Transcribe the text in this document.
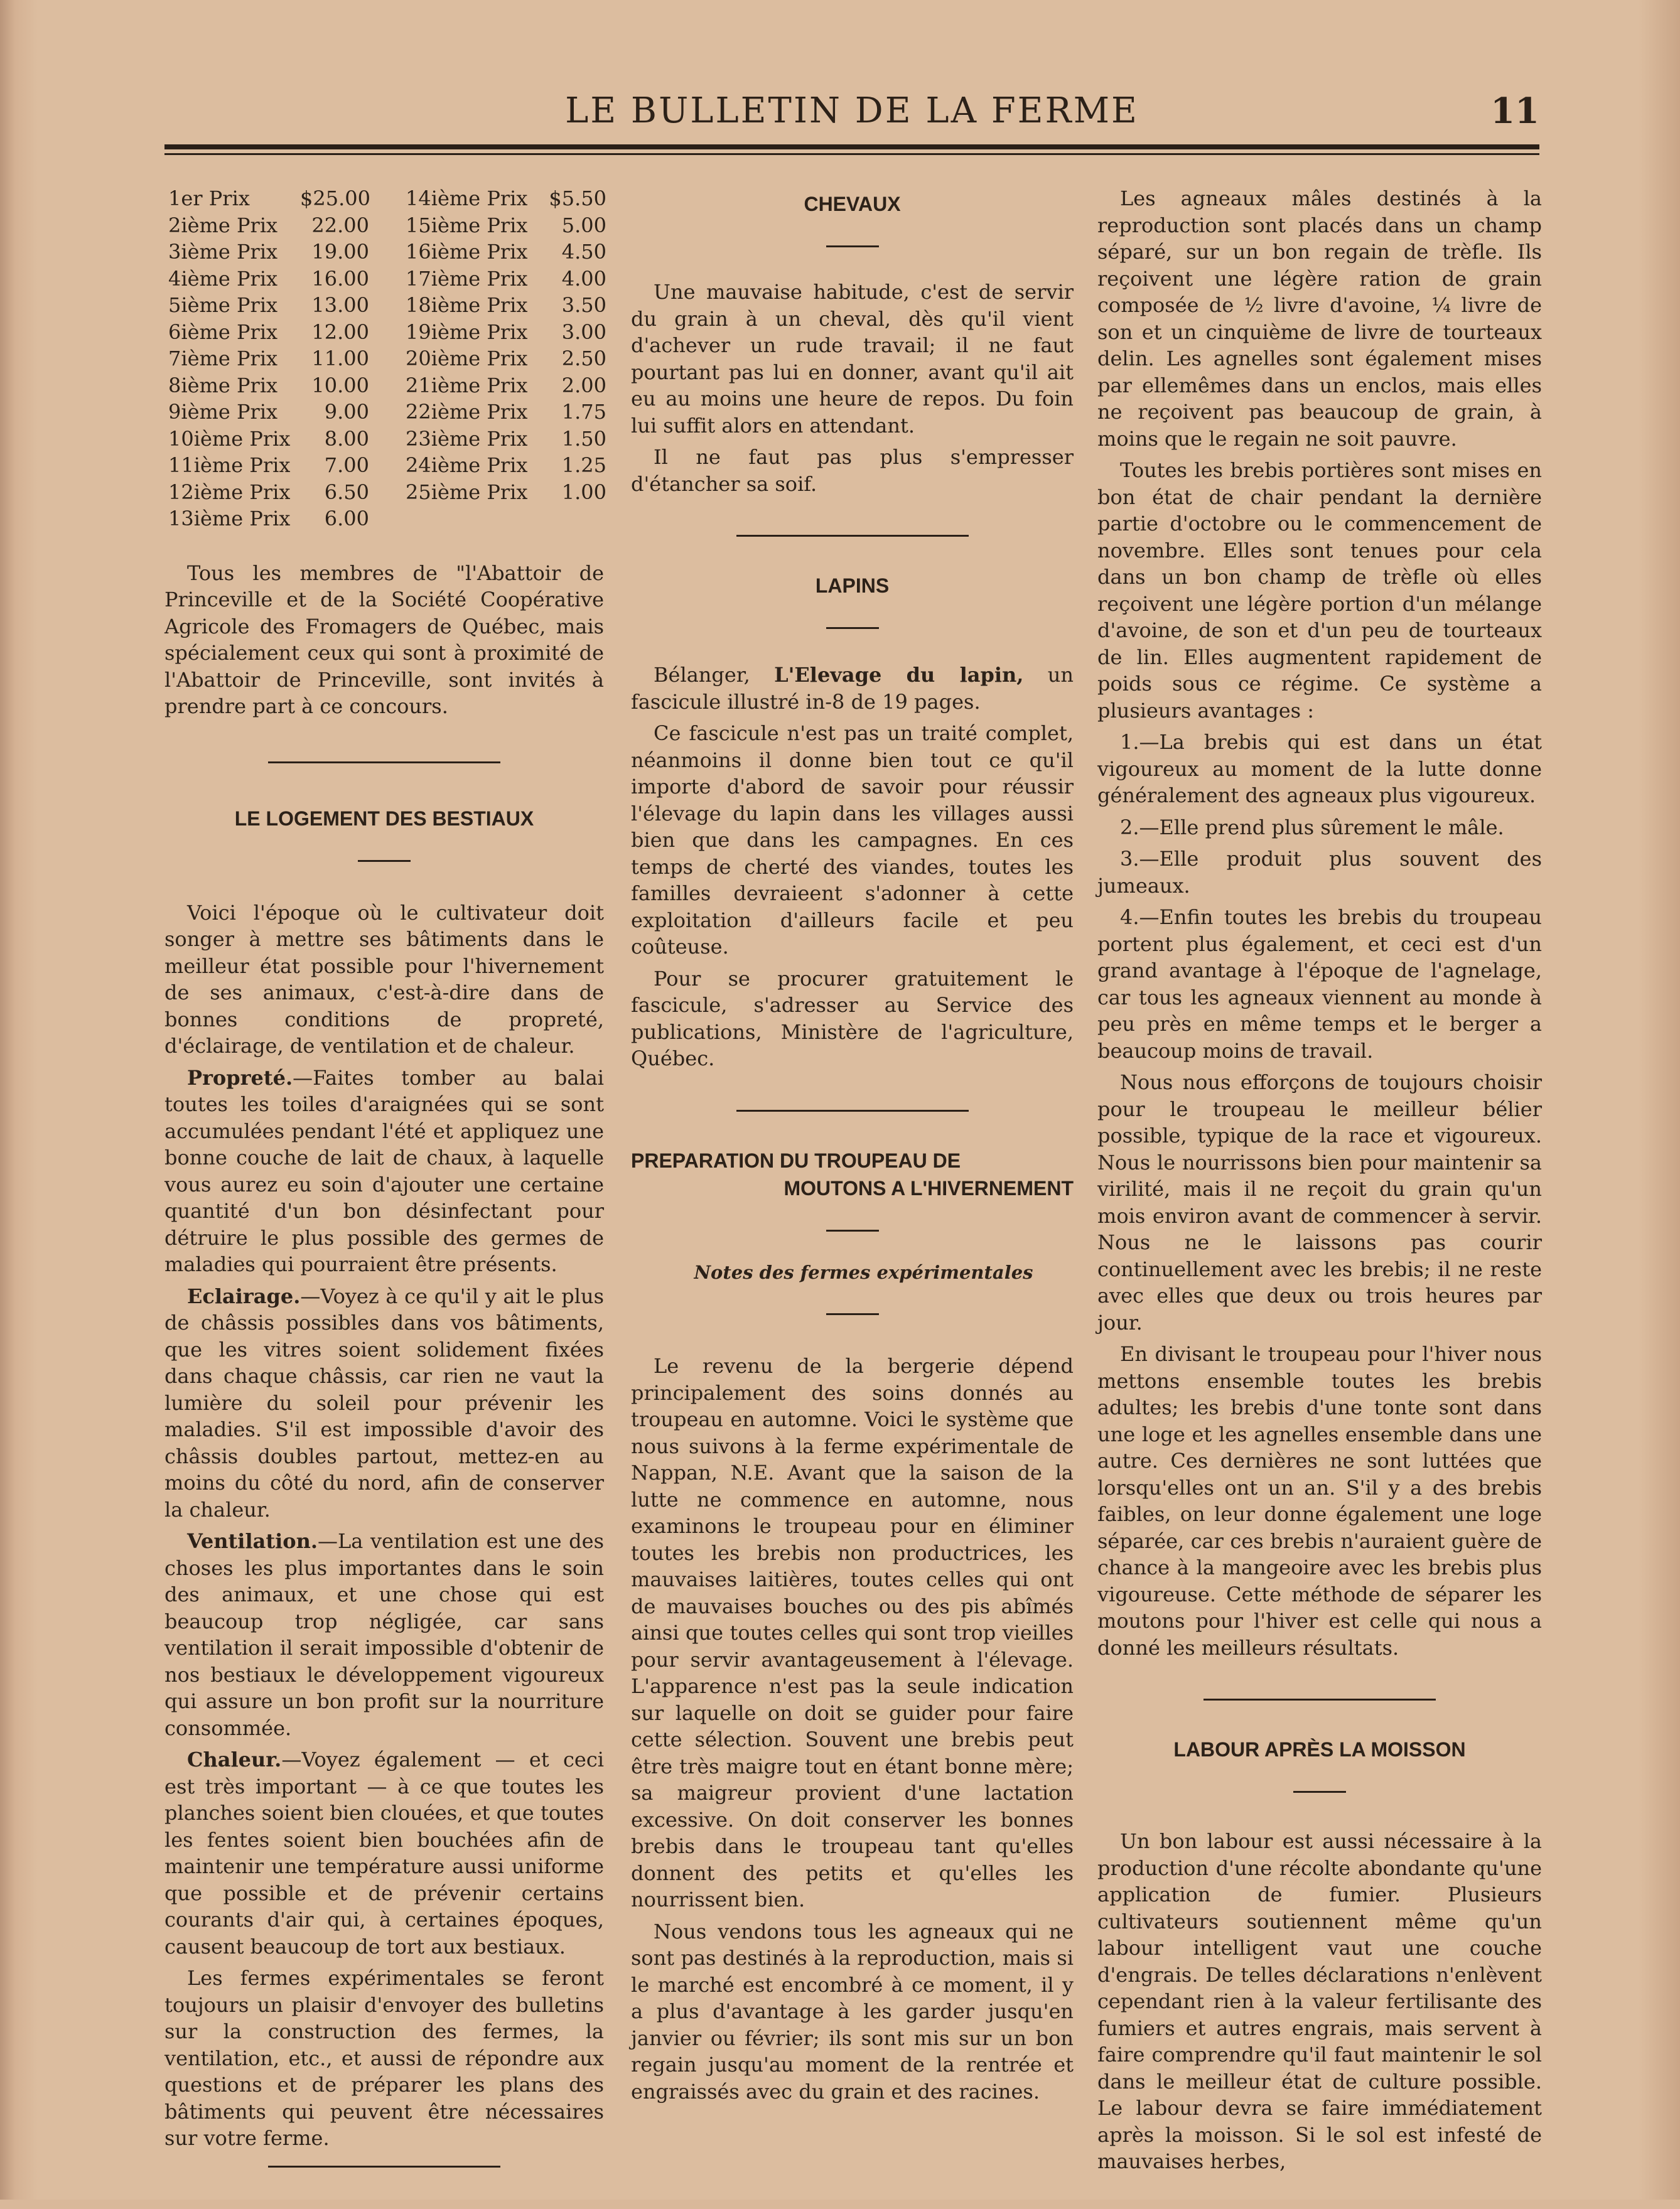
LE BULLETIN DE LA FERME	11
1er Prix	$25.00
2ième Prix	22.00
3ième Prix	19.00
4ième Prix	16.00
5ième Prix	13.00
6ième Prix	12.00
7ième Prix	11.00
8ième Prix	10.00
9ième Prix	9.00
10ième Prix	8.00
11ième Prix	7.00
12ième Prix	6.50
13ième Prix	6.00
14ième Prix	$5.50
15ième Prix	5.00
16ième Prix	4.50
17ième Prix	4.00
18ième Prix	3.50
19ième Prix	3.00
20ième Prix	2.50
21ième Prix	2.00
22ième Prix	1.75
23ième Prix	1.50
24ième Prix	1.25
25ième Prix	1.00

Tous les membres de "l'Abattoir de Princeville et de la Société Coopérative Agricole des Fromagers de Québec, mais spécialement ceux qui sont à proximité de l'Abattoir de Princeville, sont invités à prendre part à ce concours.

LE LOGEMENT DES BESTIAUX

Voici l'époque où le cultivateur doit songer à mettre ses bâtiments dans le meilleur état possible pour l'hivernement de ses animaux, c'est-à-dire dans de bonnes conditions de propreté, d'éclairage, de ventilation et de chaleur.

Propreté.—Faites tomber au balai toutes les toiles d'araignées qui se sont accumulées pendant l'été et appliquez une bonne couche de lait de chaux, à laquelle vous aurez eu soin d'ajouter une certaine quantité d'un bon désinfectant pour détruire le plus possible des germes de maladies qui pourraient être présents.

Eclairage.—Voyez à ce qu'il y ait le plus de châssis possibles dans vos bâtiments, que les vitres soient solidement fixées dans chaque châssis, car rien ne vaut la lumière du soleil pour prévenir les maladies. S'il est impossible d'avoir des châssis doubles partout, mettez-en au moins du côté du nord, afin de conserver la chaleur.

Ventilation.—La ventilation est une des choses les plus importantes dans le soin des animaux, et une chose qui est beaucoup trop négligée, car sans ventilation il serait impossible d'obtenir de nos bestiaux le développement vigoureux qui assure un bon profit sur la nourriture consommée.

Chaleur.—Voyez également — et ceci est très important — à ce que toutes les planches soient bien clouées, et que toutes les fentes soient bien bouchées afin de maintenir une température aussi uniforme que possible et de prévenir certains courants d'air qui, à certaines époques, causent beaucoup de tort aux bestiaux.

Les fermes expérimentales se feront toujours un plaisir d'envoyer des bulletins sur la construction des fermes, la ventilation, etc., et aussi de répondre aux questions et de préparer les plans des bâtiments qui peuvent être nécessaires sur votre ferme.

CHEVAUX

Une mauvaise habitude, c'est de servir du grain à un cheval, dès qu'il vient d'achever un rude travail; il ne faut pourtant pas lui en donner, avant qu'il ait eu au moins une heure de repos. Du foin lui suffit alors en attendant.

Il ne faut pas plus s'empresser d'étancher sa soif.

LAPINS

Bélanger, L'Elevage du lapin, un fascicule illustré in-8 de 19 pages.

Ce fascicule n'est pas un traité complet, néanmoins il donne bien tout ce qu'il importe d'abord de savoir pour réussir l'élevage du lapin dans les villages aussi bien que dans les campagnes. En ces temps de cherté des viandes, toutes les familles devraieent s'adonner à cette exploitation d'ailleurs facile et peu coûteuse.

Pour se procurer gratuitement le fascicule, s'adresser au Service des publications, Ministère de l'agriculture, Québec.

PREPARATION DU TROUPEAU DE
MOUTONS A L'HIVERNEMENT

Notes des fermes expérimentales

Le revenu de la bergerie dépend principalement des soins donnés au troupeau en automne. Voici le système que nous suivons à la ferme expérimentale de Nappan, N.E. Avant que la saison de la lutte ne commence en automne, nous examinons le troupeau pour en éliminer toutes les brebis non productrices, les mauvaises laitières, toutes celles qui ont de mauvaises bouches ou des pis abîmés ainsi que toutes celles qui sont trop vieilles pour servir avantageusement à l'élevage. L'apparence n'est pas la seule indication sur laquelle on doit se guider pour faire cette sélection. Souvent une brebis peut être très maigre tout en étant bonne mère; sa maigreur provient d'une lactation excessive. On doit conserver les bonnes brebis dans le troupeau tant qu'elles donnent des petits et qu'elles les nourrissent bien.

Nous vendons tous les agneaux qui ne sont pas destinés à la reproduction, mais si le marché est encombré à ce moment, il y a plus d'avantage à les garder jusqu'en janvier ou février; ils sont mis sur un bon regain jusqu'au moment de la rentrée et engraissés avec du grain et des racines.

Les agneaux mâles destinés à la reproduction sont placés dans un champ séparé, sur un bon regain de trèfle. Ils reçoivent une légère ration de grain composée de ½ livre d'avoine, ¼ livre de son et un cinquième de livre de tourteaux delin. Les agnelles sont également mises par ellemêmes dans un enclos, mais elles ne reçoivent pas beaucoup de grain, à moins que le regain ne soit pauvre.

Toutes les brebis portières sont mises en bon état de chair pendant la dernière partie d'octobre ou le commencement de novembre. Elles sont tenues pour cela dans un bon champ de trèfle où elles reçoivent une légère portion d'un mélange d'avoine, de son et d'un peu de tourteaux de lin. Elles augmentent rapidement de poids sous ce régime. Ce système a plusieurs avantages :

1.—La brebis qui est dans un état vigoureux au moment de la lutte donne généralement des agneaux plus vigoureux.

2.—Elle prend plus sûrement le mâle.

3.—Elle produit plus souvent des jumeaux.

4.—Enfin toutes les brebis du troupeau portent plus également, et ceci est d'un grand avantage à l'époque de l'agnelage, car tous les agneaux viennent au monde à peu près en même temps et le berger a beaucoup moins de travail.

Nous nous efforçons de toujours choisir pour le troupeau le meilleur bélier possible, typique de la race et vigoureux. Nous le nourrissons bien pour maintenir sa virilité, mais il ne reçoit du grain qu'un mois environ avant de commencer à servir. Nous ne le laissons pas courir continuellement avec les brebis; il ne reste avec elles que deux ou trois heures par jour.

En divisant le troupeau pour l'hiver nous mettons ensemble toutes les brebis adultes; les brebis d'une tonte sont dans une loge et les agnelles ensemble dans une autre. Ces dernières ne sont luttées que lorsqu'elles ont un an. S'il y a des brebis faibles, on leur donne également une loge séparée, car ces brebis n'auraient guère de chance à la mangeoire avec les brebis plus vigoureuse. Cette méthode de séparer les moutons pour l'hiver est celle qui nous a donné les meilleurs résultats.

LABOUR APRÈS LA MOISSON

Un bon labour est aussi nécessaire à la production d'une récolte abondante qu'une application de fumier. Plusieurs cultivateurs soutiennent même qu'un labour intelligent vaut une couche d'engrais. De telles déclarations n'enlèvent cependant rien à la valeur fertilisante des fumiers et autres engrais, mais servent à faire comprendre qu'il faut maintenir le sol dans le meilleur état de culture possible. Le labour devra se faire immédiatement après la moisson. Si le sol est infesté de mauvaises herbes,
